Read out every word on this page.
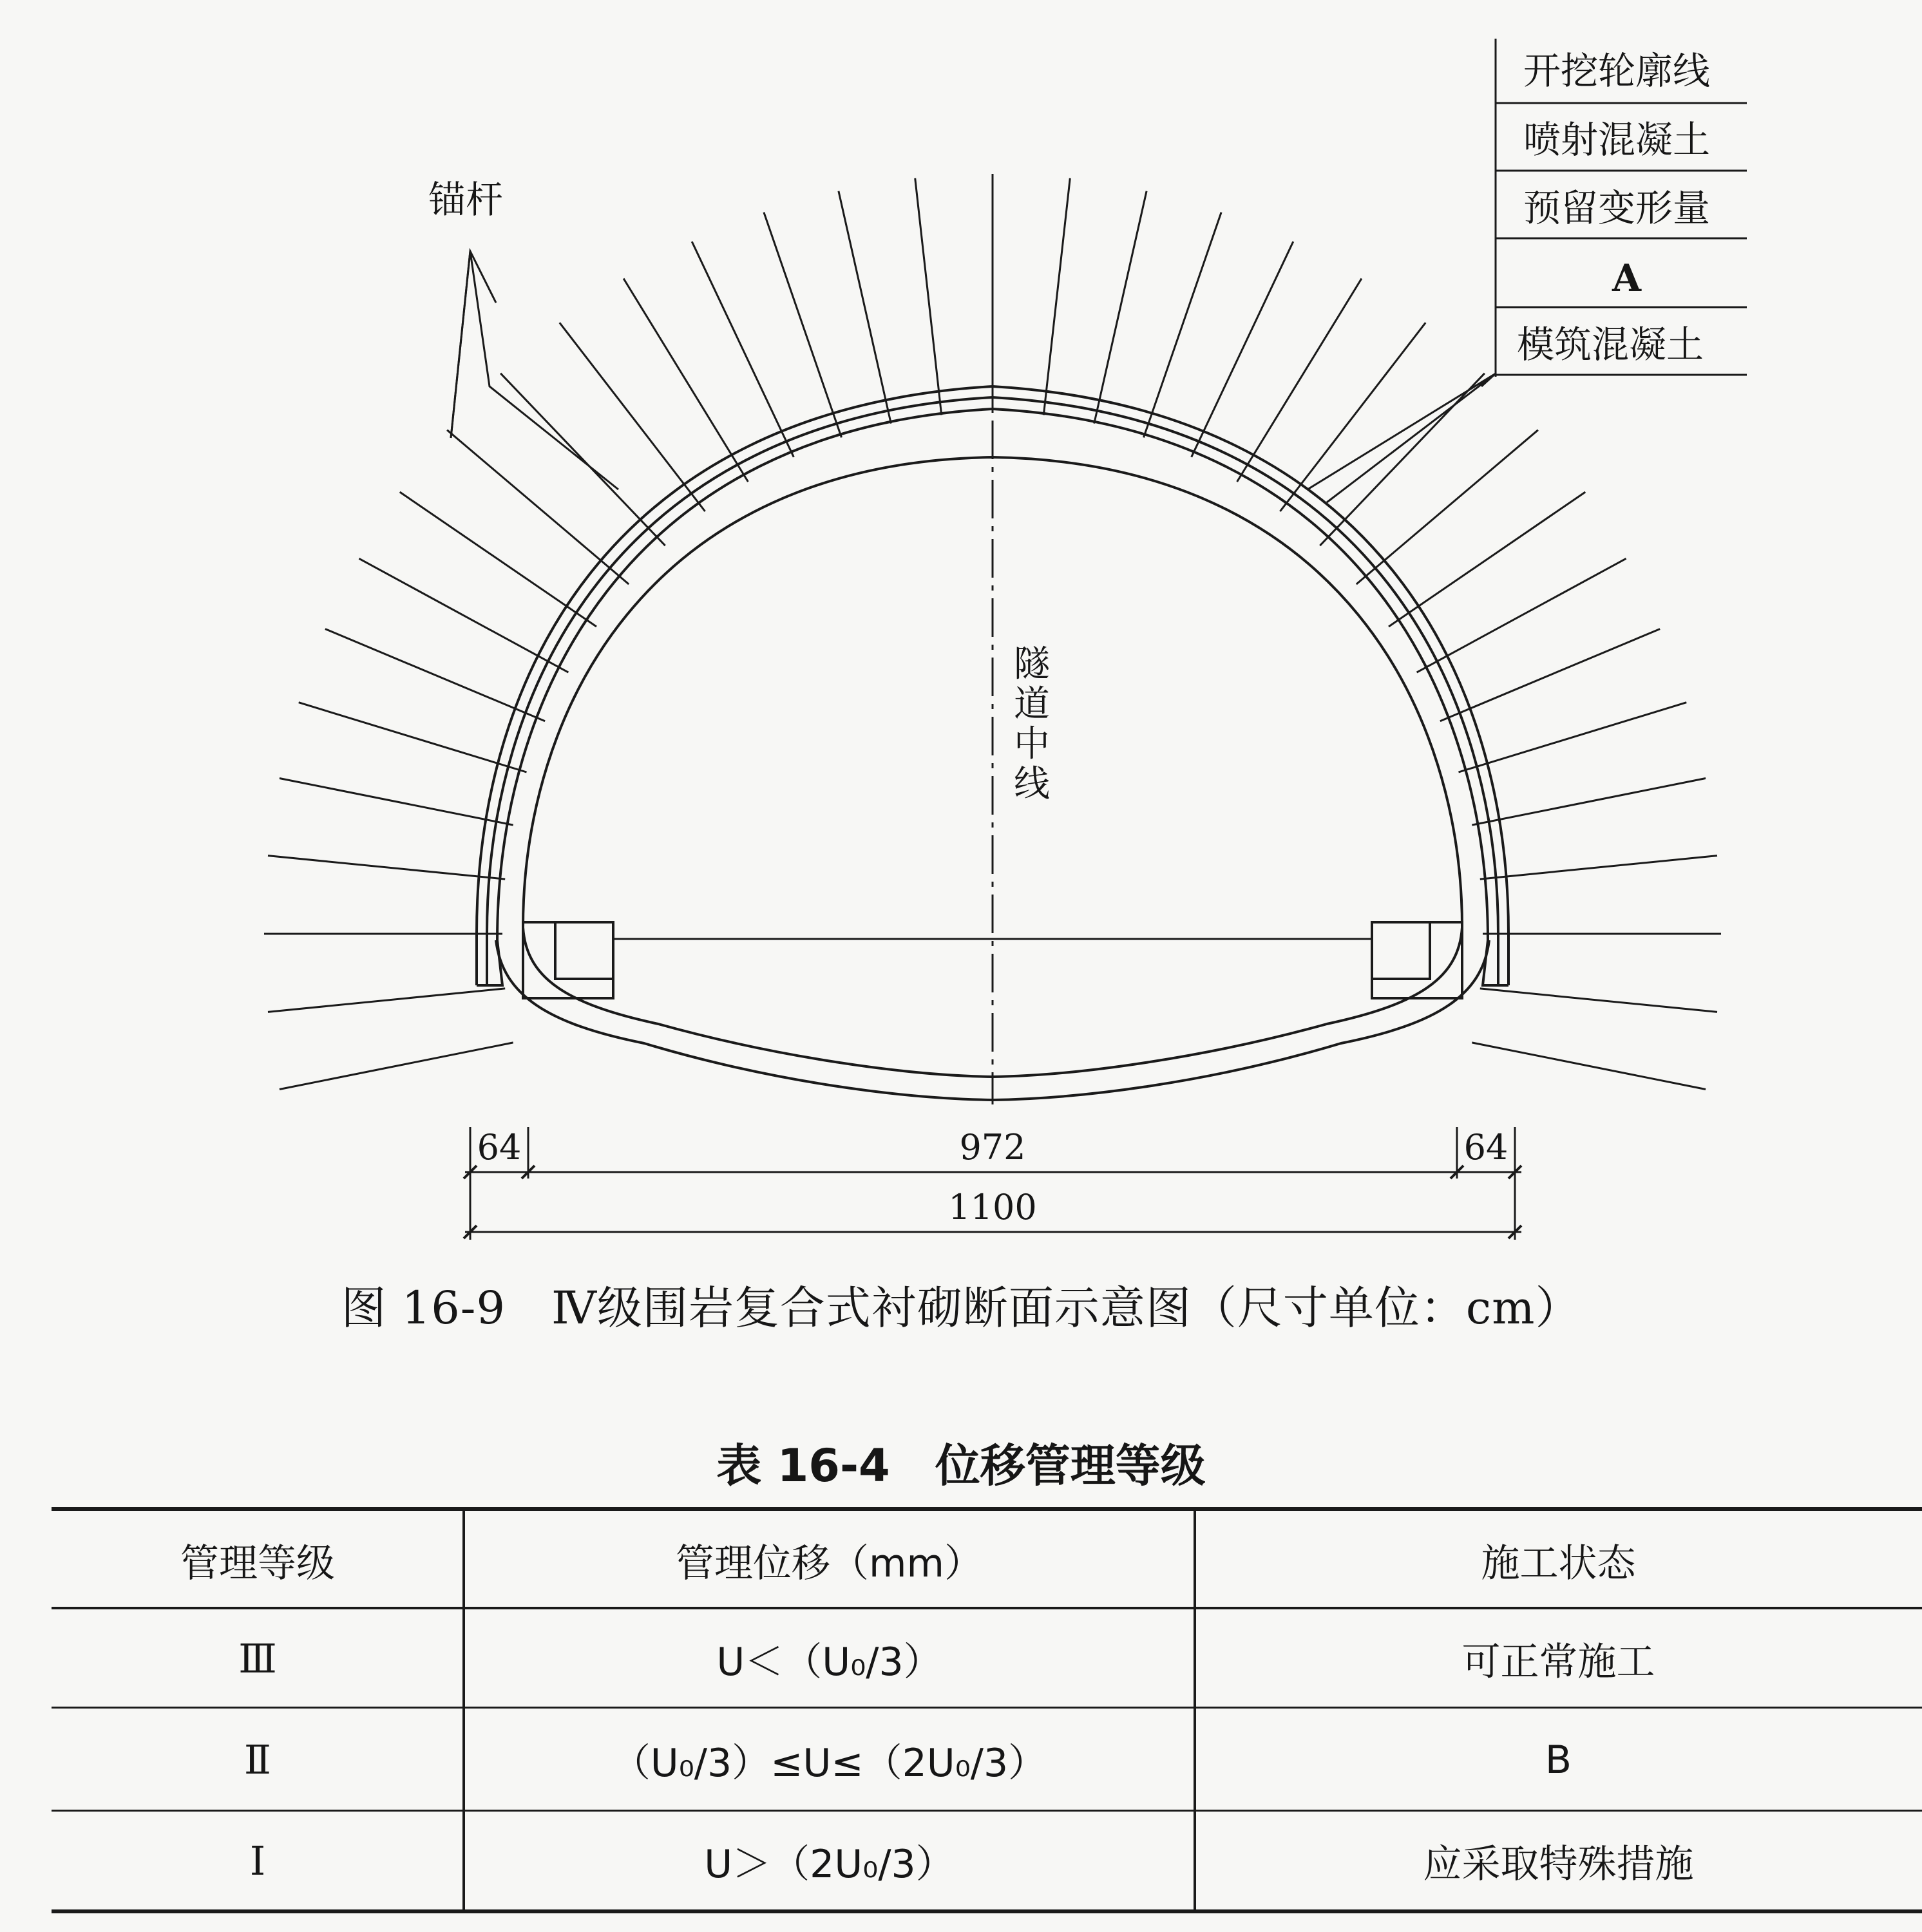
锚杆
开挖轮廓线
喷射混凝土
预留变形量
A
模筑混凝土
隧
道
中
线
64	972	64
1100
图 16-9　Ⅳ级围岩复合式衬砌断面示意图（尺寸单位：cm）
表 16-4　位移管理等级
管理等级	管理位移（mm）	施工状态
Ⅲ	U＜（U₀/3）	可正常施工
Ⅱ	（U₀/3）≤U≤（2U₀/3）	B
Ⅰ	U＞（2U₀/3）	应采取特殊措施
